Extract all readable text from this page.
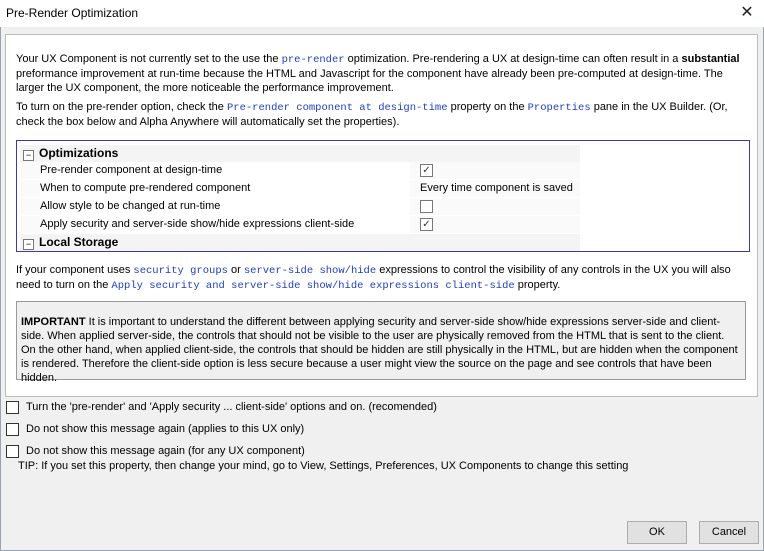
Pre-Render Optimization	✕

Your UX Component is not currently set to the use the pre-render optimization. Pre-rendering a UX at design-time can often result in a substantial preformance improvement at run-time because the HTML and Javascript for the component have already been pre-computed at design-time. The larger the UX component, the more noticeable the performance improvement.

To turn on the pre-render option, check the Pre-render component at design-time property on the Properties pane in the UX Builder. (Or, check the box below and Alpha Anywhere will automatically set the properties).

− Optimizations
Pre-render component at design-time	✓
When to compute pre-rendered component	Every time component is saved
Allow style to be changed at run-time
Apply security and server-side show/hide expressions client-side	✓
− Local Storage

If your component uses security groups or server-side show/hide expressions to control the visibility of any controls in the UX you will also need to turn on the Apply security and server-side show/hide expressions client-side property.

IMPORTANT It is important to understand the different between applying security and server-side show/hide expressions server-side and client-side. When applied server-side, the controls that should not be visible to the user are physically removed from the HTML that is sent to the client. On the other hand, when applied client-side, the controls that should be hidden are still physically in the HTML, but are hidden when the component is rendered. Therefore the client-side option is less secure because a user might view the source on the page and see controls that have been hidden.

Turn the 'pre-render' and 'Apply security ... client-side' options and on. (recomended)
Do not show this message again (applies to this UX only)
Do not show this message again (for any UX component)
TIP: If you set this property, then change your mind, go to View, Settings, Preferences, UX Components to change this setting
OK	Cancel
